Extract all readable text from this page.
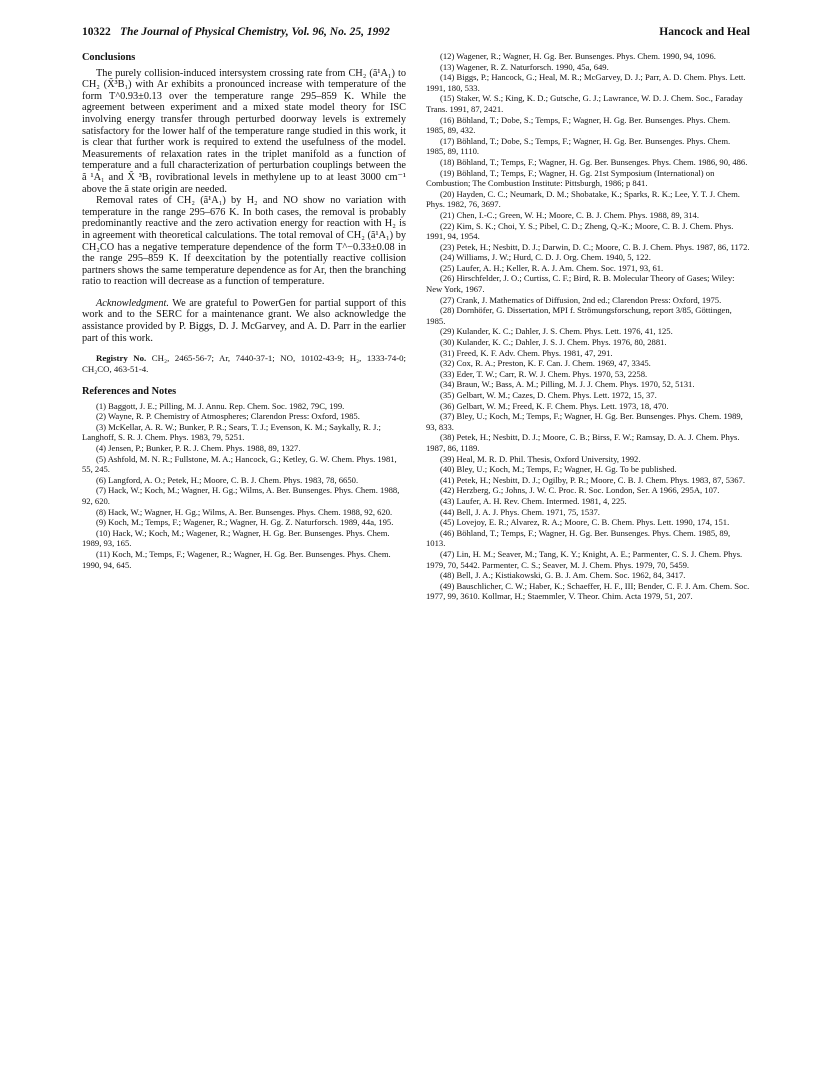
10322 The Journal of Physical Chemistry, Vol. 96, No. 25, 1992	Hancock and Heal
Conclusions

The purely collision-induced intersystem crossing rate from CH₂ (ã¹A₁) to CH₂ (X̃³B₁) with Ar exhibits a pronounced increase with temperature of the form T^0.93±0.13 over the temperature range 295–859 K. While the agreement between experiment and a mixed state model theory for ISC involving energy transfer through perturbed doorway levels is extremely satisfactory for the lower half of the temperature range studied in this work, it is clear that further work is required to extend the usefulness of the model. Measurements of relaxation rates in the triplet manifold as a function of temperature and a full characterization of perturbation couplings between the ã ¹A₁ and X̃ ³B₁ rovibrational levels in methylene up to at least 3000 cm⁻¹ above the ã state origin are needed.

Removal rates of CH₂ (ã¹A₁) by H₂ and NO show no variation with temperature in the range 295–676 K. In both cases, the removal is probably predominantly reactive and the zero activation energy for reaction with H₂ is in agreement with theoretical calculations. The total removal of CH₂ (ã¹A₁) by CH₂CO has a negative temperature dependence of the form T^−0.33±0.08 in the range 295–859 K. If deexcitation by the potentially reactive collision partners shows the same temperature dependence as for Ar, then the branching ratio to reaction will decrease as a function of temperature.

Acknowledgment. We are grateful to PowerGen for partial support of this work and to the SERC for a maintenance grant. We also acknowledge the assistance provided by P. Biggs, D. J. McGarvey, and A. D. Parr in the earlier part of this work.

Registry No. CH₂, 2465-56-7; Ar, 7440-37-1; NO, 10102-43-9; H₂, 1333-74-0; CH₂CO, 463-51-4.
References and Notes
(1) Baggott, J. E.; Pilling, M. J. Annu. Rep. Chem. Soc. 1982, 79C, 199.
(2) Wayne, R. P. Chemistry of Atmospheres; Clarendon Press: Oxford, 1985.
(3) McKellar, A. R. W.; Bunker, P. R.; Sears, T. J.; Evenson, K. M.; Saykally, R. J.; Langhoff, S. R. J. Chem. Phys. 1983, 79, 5251.
(4) Jensen, P.; Bunker, P. R. J. Chem. Phys. 1988, 89, 1327.
(5) Ashfold, M. N. R.; Fullstone, M. A.; Hancock, G.; Ketley, G. W. Chem. Phys. 1981, 55, 245.
(6) Langford, A. O.; Petek, H.; Moore, C. B. J. Chem. Phys. 1983, 78, 6650.
(7) Hack, W.; Koch, M.; Wagner, H. Gg.; Wilms, A. Ber. Bunsenges. Phys. Chem. 1988, 92, 620.
(8) Hack, W.; Wagner, H. Gg.; Wilms, A. Ber. Bunsenges. Phys. Chem. 1988, 92, 620.
(9) Koch, M.; Temps, F.; Wagener, R.; Wagner, H. Gg. Z. Naturforsch. 1989, 44a, 195.
(10) Hack, W.; Koch, M.; Wagener, R.; Wagner, H. Gg. Ber. Bunsenges. Phys. Chem. 1989, 93, 165.
(11) Koch, M.; Temps, F.; Wagener, R.; Wagner, H. Gg. Ber. Bunsenges. Phys. Chem. 1990, 94, 645.
(12) Wagener, R.; Wagner, H. Gg. Ber. Bunsenges. Phys. Chem. 1990, 94, 1096.
(13) Wagener, R. Z. Naturforsch. 1990, 45a, 649.
(14) Biggs, P.; Hancock, G.; Heal, M. R.; McGarvey, D. J.; Parr, A. D. Chem. Phys. Lett. 1991, 180, 533.
(15) Staker, W. S.; King, K. D.; Gutsche, G. J.; Lawrance, W. D. J. Chem. Soc., Faraday Trans. 1991, 87, 2421.
(16) Böhland, T.; Dobe, S.; Temps, F.; Wagner, H. Gg. Ber. Bunsenges. Phys. Chem. 1985, 89, 432.
(17) Böhland, T.; Dobe, S.; Temps, F.; Wagner, H. Gg. Ber. Bunsenges. Phys. Chem. 1985, 89, 1110.
(18) Böhland, T.; Temps, F.; Wagner, H. Gg. Ber. Bunsenges. Phys. Chem. 1986, 90, 486.
(19) Böhland, T.; Temps, F.; Wagner, H. Gg. 21st Symposium (International) on Combustion; The Combustion Institute: Pittsburgh, 1986; p 841.
(20) Hayden, C. C.; Neumark, D. M.; Shobatake, K.; Sparks, R. K.; Lee, Y. T. J. Chem. Phys. 1982, 76, 3697.
(21) Chen, I.-C.; Green, W. H.; Moore, C. B. J. Chem. Phys. 1988, 89, 314.
(22) Kim, S. K.; Choi, Y. S.; Pibel, C. D.; Zheng, Q.-K.; Moore, C. B. J. Chem. Phys. 1991, 94, 1954.
(23) Petek, H.; Nesbitt, D. J.; Darwin, D. C.; Moore, C. B. J. Chem. Phys. 1987, 86, 1172.
(24) Williams, J. W.; Hurd, C. D. J. Org. Chem. 1940, 5, 122.
(25) Laufer, A. H.; Keller, R. A. J. Am. Chem. Soc. 1971, 93, 61.
(26) Hirschfelder, J. O.; Curtiss, C. F.; Bird, R. B. Molecular Theory of Gases; Wiley: New York, 1967.
(27) Crank, J. Mathematics of Diffusion, 2nd ed.; Clarendon Press: Oxford, 1975.
(28) Dornhöfer, G. Dissertation, MPI f. Strömungsforschung, report 3/85, Göttingen, 1985.
(29) Kulander, K. C.; Dahler, J. S. Chem. Phys. Lett. 1976, 41, 125.
(30) Kulander, K. C.; Dahler, J. S. J. Chem. Phys. 1976, 80, 2881.
(31) Freed, K. F. Adv. Chem. Phys. 1981, 47, 291.
(32) Cox, R. A.; Preston, K. F. Can. J. Chem. 1969, 47, 3345.
(33) Eder, T. W.; Carr, R. W. J. Chem. Phys. 1970, 53, 2258.
(34) Braun, W.; Bass, A. M.; Pilling, M. J. J. Chem. Phys. 1970, 52, 5131.
(35) Gelbart, W. M.; Cazes, D. Chem. Phys. Lett. 1972, 15, 37.
(36) Gelbart, W. M.; Freed, K. F. Chem. Phys. Lett. 1973, 18, 470.
(37) Bley, U.; Koch, M.; Temps, F.; Wagner, H. Gg. Ber. Bunsenges. Phys. Chem. 1989, 93, 833.
(38) Petek, H.; Nesbitt, D. J.; Moore, C. B.; Birss, F. W.; Ramsay, D. A. J. Chem. Phys. 1987, 86, 1189.
(39) Heal, M. R. D. Phil. Thesis, Oxford University, 1992.
(40) Bley, U.; Koch, M.; Temps, F.; Wagner, H. Gg. To be published.
(41) Petek, H.; Nesbitt, D. J.; Ogilby, P. R.; Moore, C. B. J. Chem. Phys. 1983, 87, 5367.
(42) Herzberg, G.; Johns, J. W. C. Proc. R. Soc. London, Ser. A 1966, 295A, 107.
(43) Laufer, A. H. Rev. Chem. Intermed. 1981, 4, 225.
(44) Bell, J. A. J. Phys. Chem. 1971, 75, 1537.
(45) Lovejoy, E. R.; Alvarez, R. A.; Moore, C. B. Chem. Phys. Lett. 1990, 174, 151.
(46) Böhland, T.; Temps, F.; Wagner, H. Gg. Ber. Bunsenges. Phys. Chem. 1985, 89, 1013.
(47) Lin, H. M.; Seaver, M.; Tang, K. Y.; Knight, A. E.; Parmenter, C. S. J. Chem. Phys. 1979, 70, 5442. Parmenter, C. S.; Seaver, M. J. Chem. Phys. 1979, 70, 5459.
(48) Bell, J. A.; Kistiakowski, G. B. J. Am. Chem. Soc. 1962, 84, 3417.
(49) Bauschlicher, C. W.; Haber, K.; Schaeffer, H. F., III; Bender, C. F. J. Am. Chem. Soc. 1977, 99, 3610. Kollmar, H.; Staemmler, V. Theor. Chim. Acta 1979, 51, 207.
